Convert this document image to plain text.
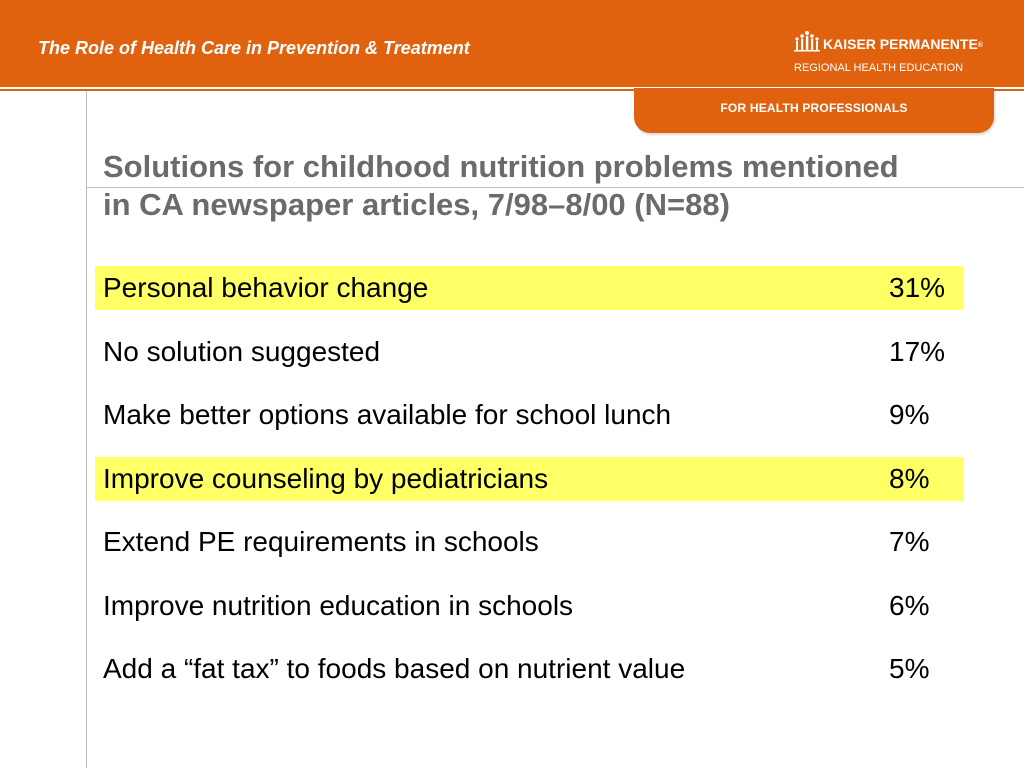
The Role of Health Care in Prevention & Treatment	KAISER PERMANENTE®
REGIONAL HEALTH EDUCATION
FOR HEALTH PROFESSIONALS
Solutions for childhood nutrition problems mentioned
in CA newspaper articles, 7/98–8/00 (N=88)
Personal behavior change	31%
No solution suggested	17%
Make better options available for school lunch	9%
Improve counseling by pediatricians	8%
Extend PE requirements in schools	7%
Improve nutrition education in schools	6%
Add a “fat tax” to foods based on nutrient value	5%
